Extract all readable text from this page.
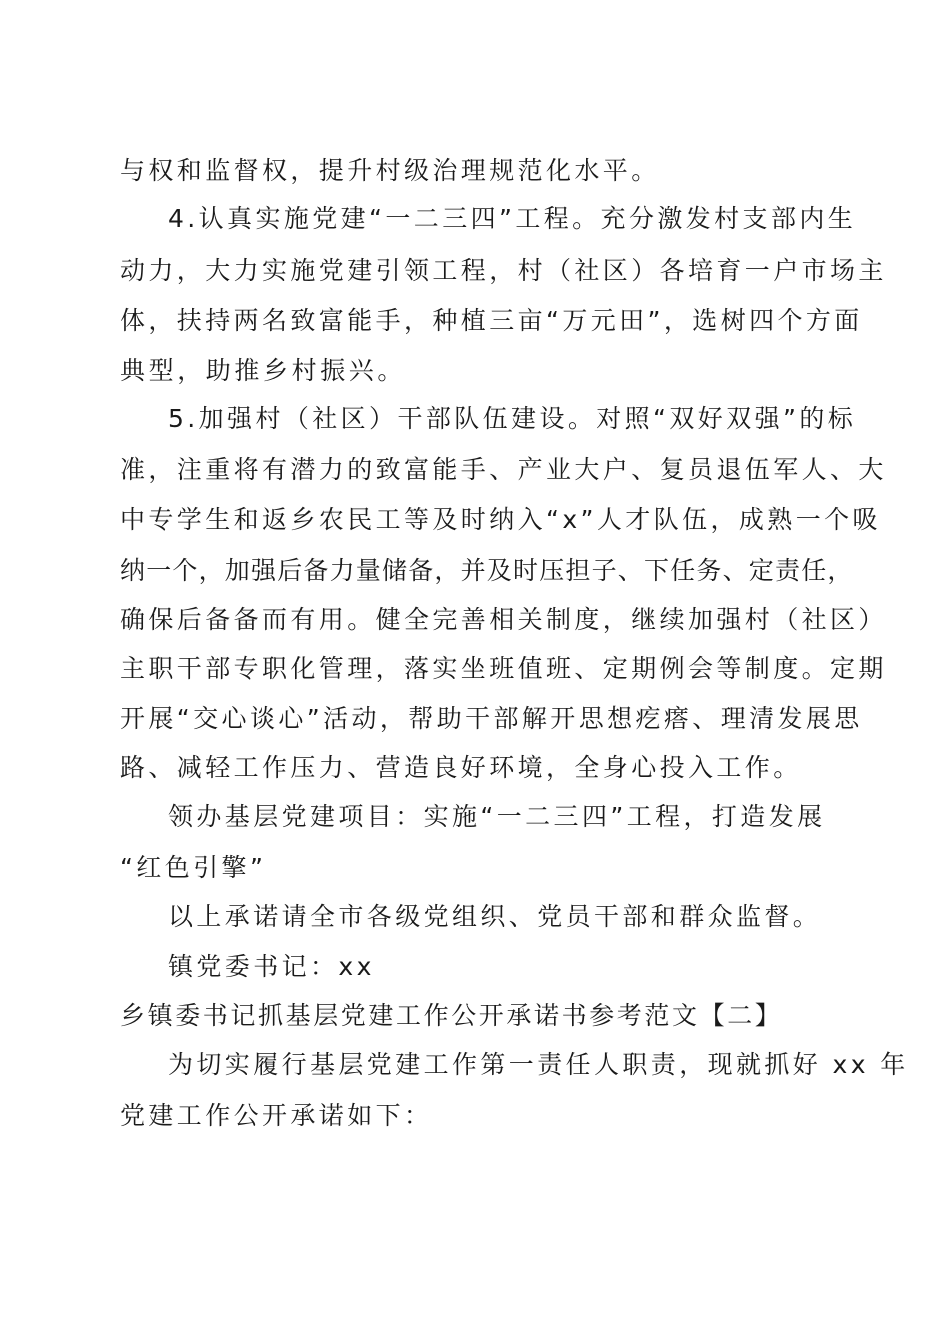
与权和监督权，提升村级治理规范化水平。
4.认真实施党建“一二三四”工程。充分激发村支部内生
动力，大力实施党建引领工程，村（社区）各培育一户市场主
体，扶持两名致富能手，种植三亩“万元田”，选树四个方面
典型，助推乡村振兴。
5.加强村（社区）干部队伍建设。对照“双好双强”的标
准，注重将有潜力的致富能手、产业大户、复员退伍军人、大
中专学生和返乡农民工等及时纳入“x”人才队伍，成熟一个吸
纳一个，加强后备力量储备，并及时压担子、下任务、定责任，
确保后备备而有用。健全完善相关制度，继续加强村（社区）
主职干部专职化管理，落实坐班值班、定期例会等制度。定期
开展“交心谈心”活动，帮助干部解开思想疙瘩、理清发展思
路、减轻工作压力、营造良好环境，全身心投入工作。
领办基层党建项目：实施“一二三四”工程，打造发展
“红色引擎”
以上承诺请全市各级党组织、党员干部和群众监督。
镇党委书记：xx
乡镇委书记抓基层党建工作公开承诺书参考范文【二】
为切实履行基层党建工作第一责任人职责，现就抓好 xx 年
党建工作公开承诺如下：
